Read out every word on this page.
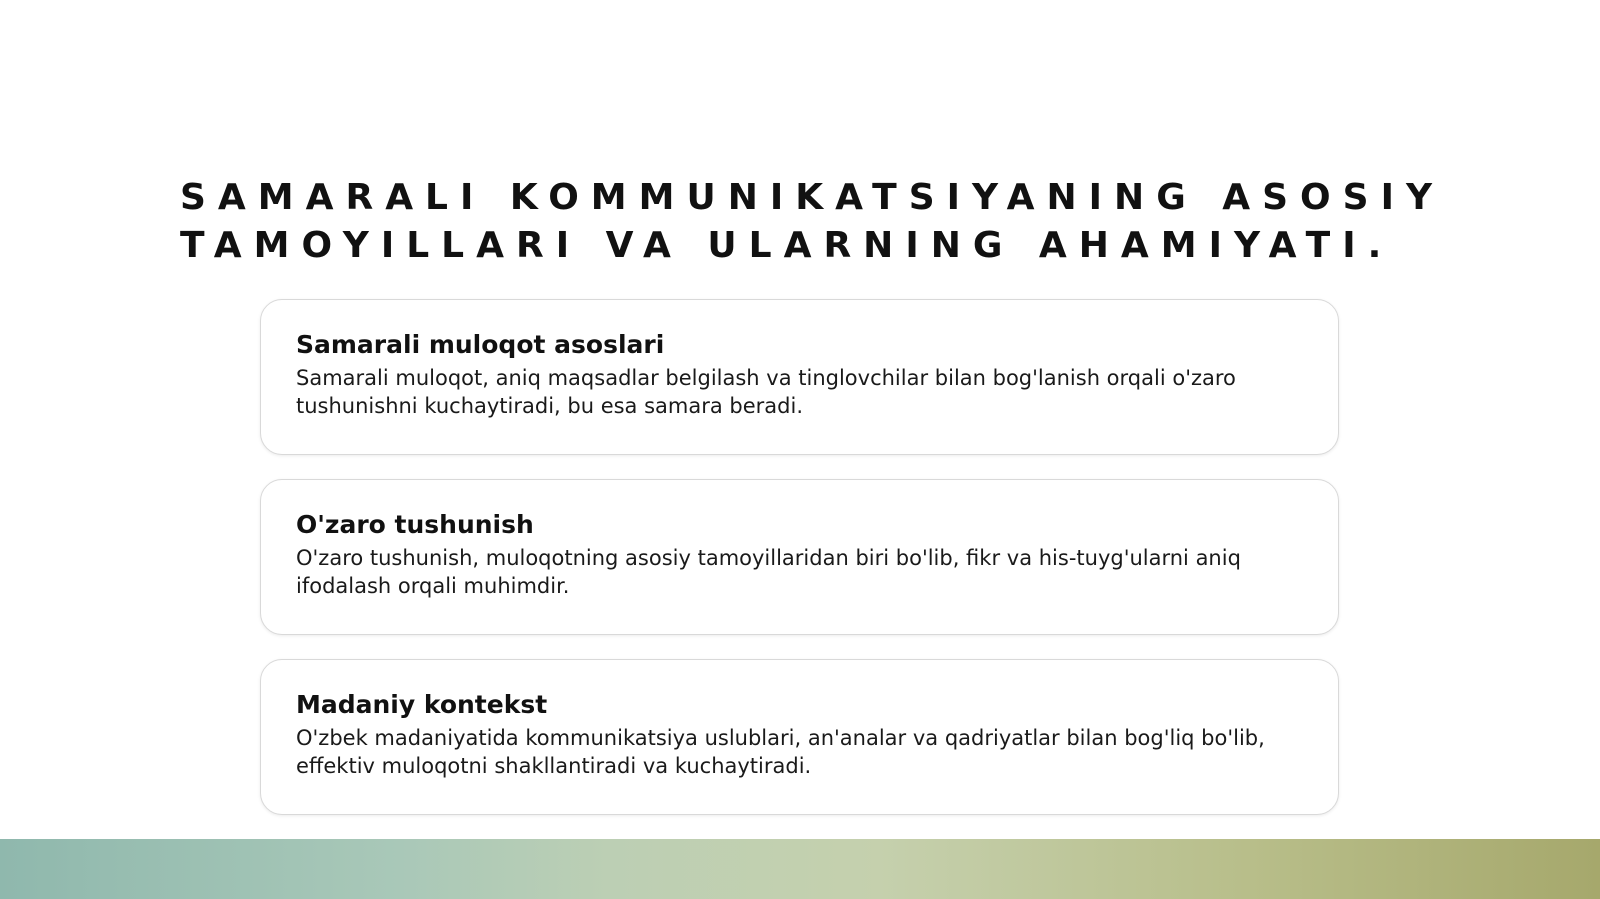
SAMARALI KOMMUNIKATSIYANING ASOSIY
TAMOYILLARI VA ULARNING AHAMIYATI.
Samarali muloqot asoslari

Samarali muloqot, aniq maqsadlar belgilash va tinglovchilar bilan bog'lanish orqali o'zaro tushunishni kuchaytiradi, bu esa samara beradi.

O'zaro tushunish

O'zaro tushunish, muloqotning asosiy tamoyillaridan biri bo'lib, fikr va his-tuyg'ularni aniq ifodalash orqali muhimdir.

Madaniy kontekst

O'zbek madaniyatida kommunikatsiya uslublari, an'analar va qadriyatlar bilan bog'liq bo'lib, effektiv muloqotni shakllantiradi va kuchaytiradi.
